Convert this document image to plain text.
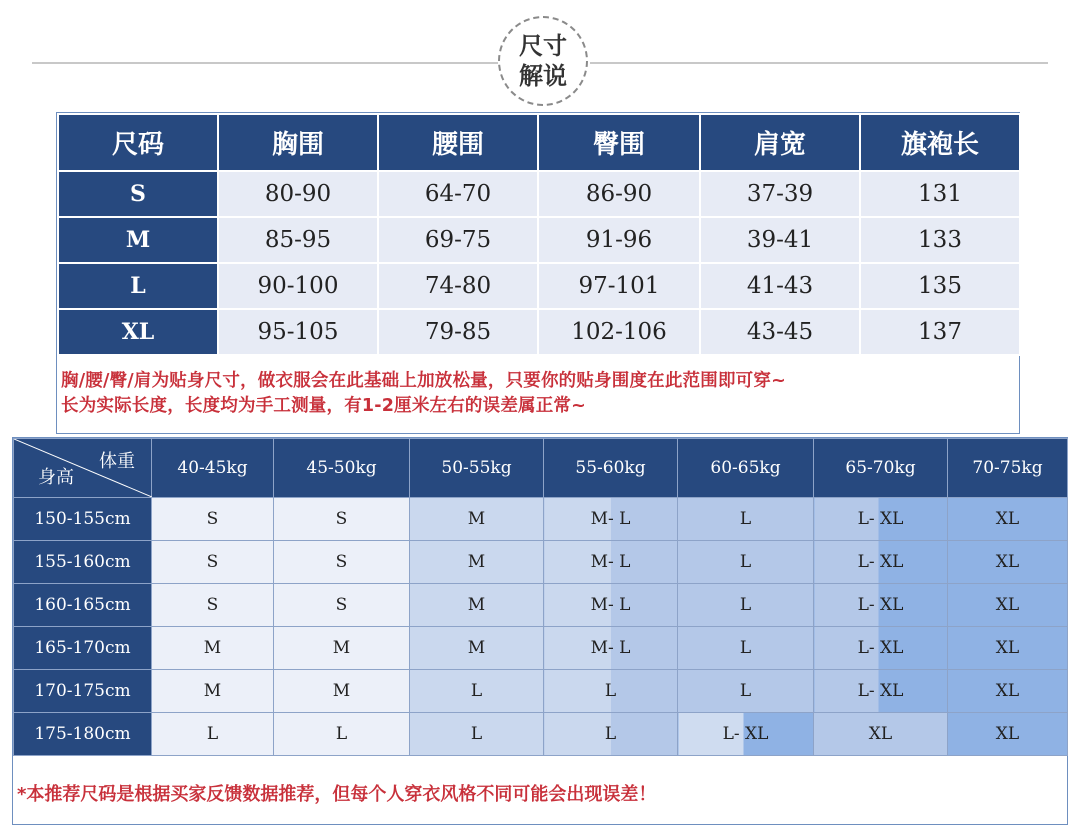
尺寸
解说
尺码	胸围	腰围	臀围	肩宽	旗袍长
S	80-90	64-70	86-90	37-39	131
M	85-95	69-75	91-96	39-41	133
L	90-100	74-80	97-101	41-43	135
XL	95-105	79-85	102-106	43-45	137
胸/腰/臀/肩为贴身尺寸，做衣服会在此基础上加放松量，只要你的贴身围度在此范围即可穿~
长为实际长度，长度均为手工测量，有1-2厘米左右的误差属正常~
体重
身高	40-45kg	45-50kg	50-55kg	55-60kg	60-65kg	65-70kg	70-75kg
150-155cm	S	S	M	M- L	L	L- XL	XL
155-160cm	S	S	M	M- L	L	L- XL	XL
160-165cm	S	S	M	M- L	L	L- XL	XL
165-170cm	M	M	M	M- L	L	L- XL	XL
170-175cm	M	M	L	L	L	L- XL	XL
175-180cm	L	L	L	L	L- XL	XL	XL
*本推荐尺码是根据买家反馈数据推荐，但每个人穿衣风格不同可能会出现误差！
